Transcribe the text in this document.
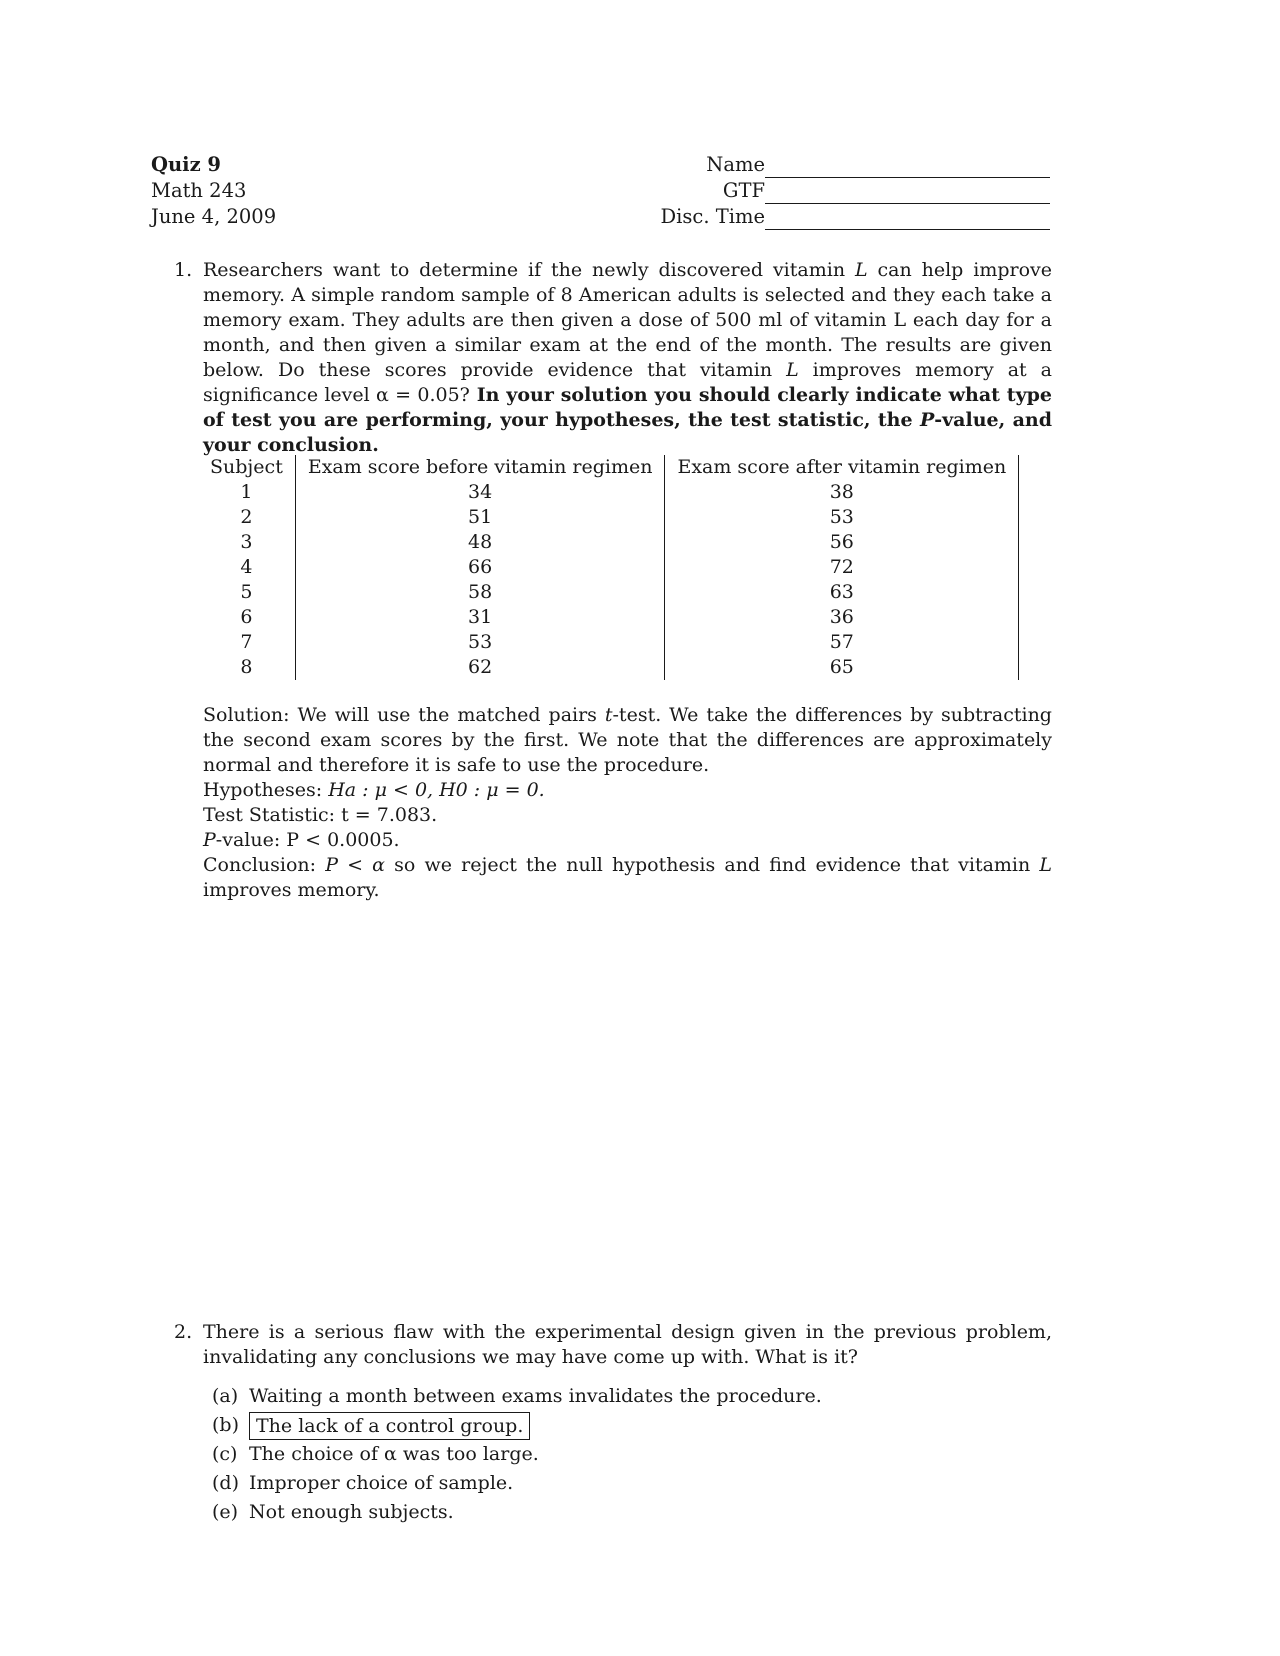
Quiz 9
Math 243
June 4, 2009
Name
GTF
Disc. Time
1. Researchers want to determine if the newly discovered vitamin L can help improve memory. A simple random sample of 8 American adults is selected and they each take a memory exam. They adults are then given a dose of 500 ml of vitamin L each day for a month, and then given a similar exam at the end of the month. The results are given below. Do these scores provide evidence that vitamin L improves memory at a significance level α = 0.05? In your solution you should clearly indicate what type of test you are performing, your hypotheses, the test statistic, the P-value, and your conclusion.
Subject	Exam score before vitamin regimen	Exam score after vitamin regimen
1	34	38
2	51	53
3	48	56
4	66	72
5	58	63
6	31	36
7	53	57
8	62	65

Solution: We will use the matched pairs t-test. We take the differences by subtracting the second exam scores by the first. We note that the differences are approximately normal and therefore it is safe to use the procedure.

Hypotheses: Ha : μ < 0, H0 : μ = 0.

Test Statistic: t = 7.083.

P-value: P < 0.0005.

Conclusion: P < α so we reject the null hypothesis and find evidence that vitamin L improves memory.

2. There is a serious flaw with the experimental design given in the previous problem, invalidating any conclusions we may have come up with. What is it?
(a) Waiting a month between exams invalidates the procedure.
(b) The lack of a control group.
(c) The choice of α was too large.
(d) Improper choice of sample.
(e) Not enough subjects.
